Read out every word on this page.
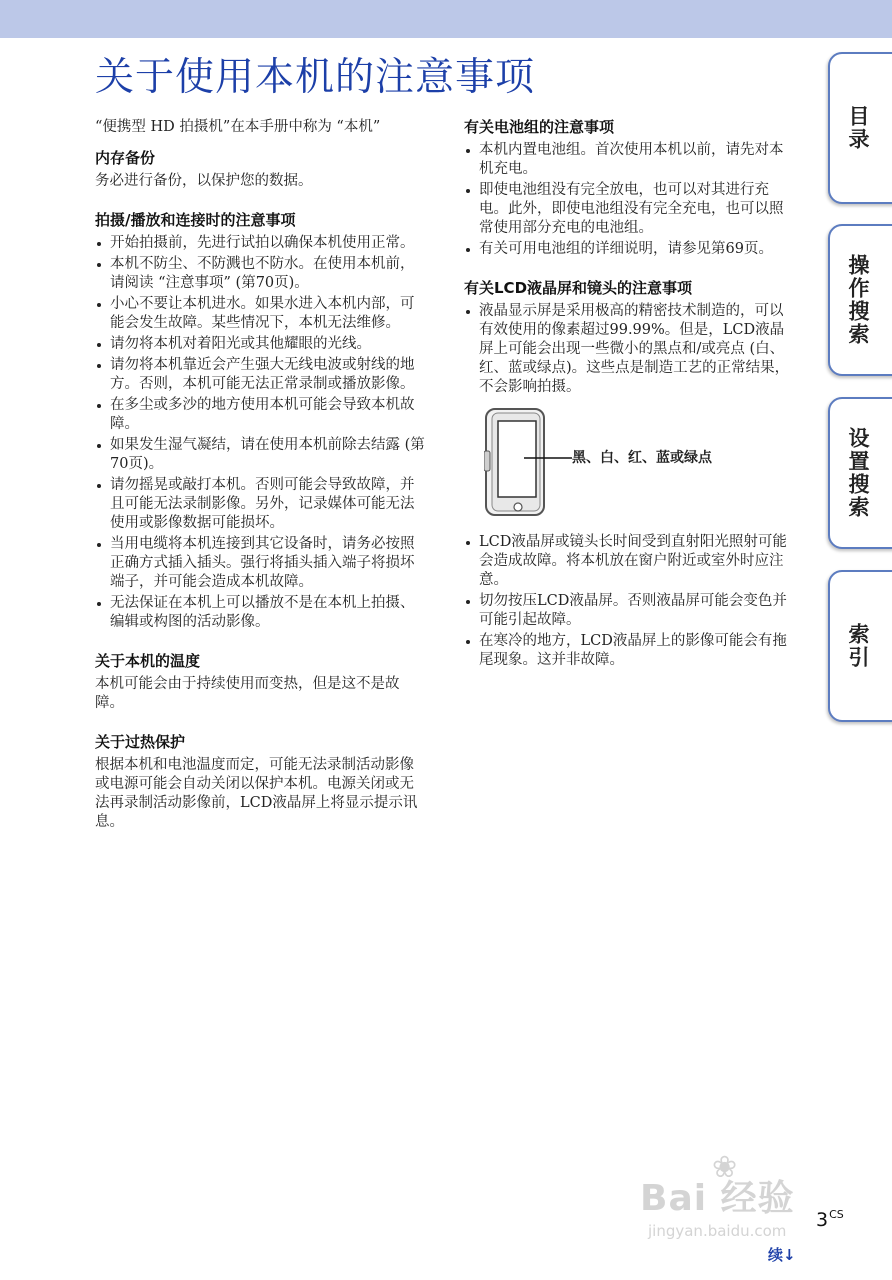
关于使用本机的注意事项

“便携型 HD 拍摄机”在本手册中称为 “本机”

内存备份

务必进行备份，以保护您的数据。

拍摄/播放和连接时的注意事项
开始拍摄前，先进行试拍以确保本机使用正常。
本机不防尘、不防溅也不防水。在使用本机前，请阅读 “注意事项” (第70页)。
小心不要让本机进水。如果水进入本机内部，可能会发生故障。某些情况下，本机无法维修。
请勿将本机对着阳光或其他耀眼的光线。
请勿将本机靠近会产生强大无线电波或射线的地方。否则，本机可能无法正常录制或播放影像。
在多尘或多沙的地方使用本机可能会导致本机故障。
如果发生湿气凝结，请在使用本机前除去结露 (第70页)。
请勿摇晃或敲打本机。否则可能会导致故障，并且可能无法录制影像。另外，记录媒体可能无法使用或影像数据可能损坏。
当用电缆将本机连接到其它设备时，请务必按照正确方式插入插头。强行将插头插入端子将损坏端子，并可能会造成本机故障。
无法保证在本机上可以播放不是在本机上拍摄、编辑或构图的活动影像。
关于本机的温度

本机可能会由于持续使用而变热，但是这不是故障。

关于过热保护

根据本机和电池温度而定，可能无法录制活动影像或电源可能会自动关闭以保护本机。电源关闭或无法再录制活动影像前，LCD液晶屏上将显示提示讯息。

有关电池组的注意事项
本机内置电池组。首次使用本机以前，请先对本机充电。
即使电池组没有完全放电，也可以对其进行充电。此外，即使电池组没有完全充电，也可以照常使用部分充电的电池组。
有关可用电池组的详细说明，请参见第69页。
有关LCD液晶屏和镜头的注意事项
液晶显示屏是采用极高的精密技术制造的，可以有效使用的像素超过99.99%。但是，LCD液晶屏上可能会出现一些微小的黑点和/或亮点 (白、红、蓝或绿点)。这些点是制造工艺的正常结果，不会影响拍摄。
黑、白、红、蓝或绿点
LCD液晶屏或镜头长时间受到直射阳光照射可能会造成故障。将本机放在窗户附近或室外时应注意。
切勿按压LCD液晶屏。否则液晶屏可能会变色并可能引起故障。
在寒冷的地方，LCD液晶屏上的影像可能会有拖尾现象。这并非故障。
目录
操作搜索
设置搜索
索引
❀
Bai 经验
jingyan.baidu.com $3^{CS}$
续↓
